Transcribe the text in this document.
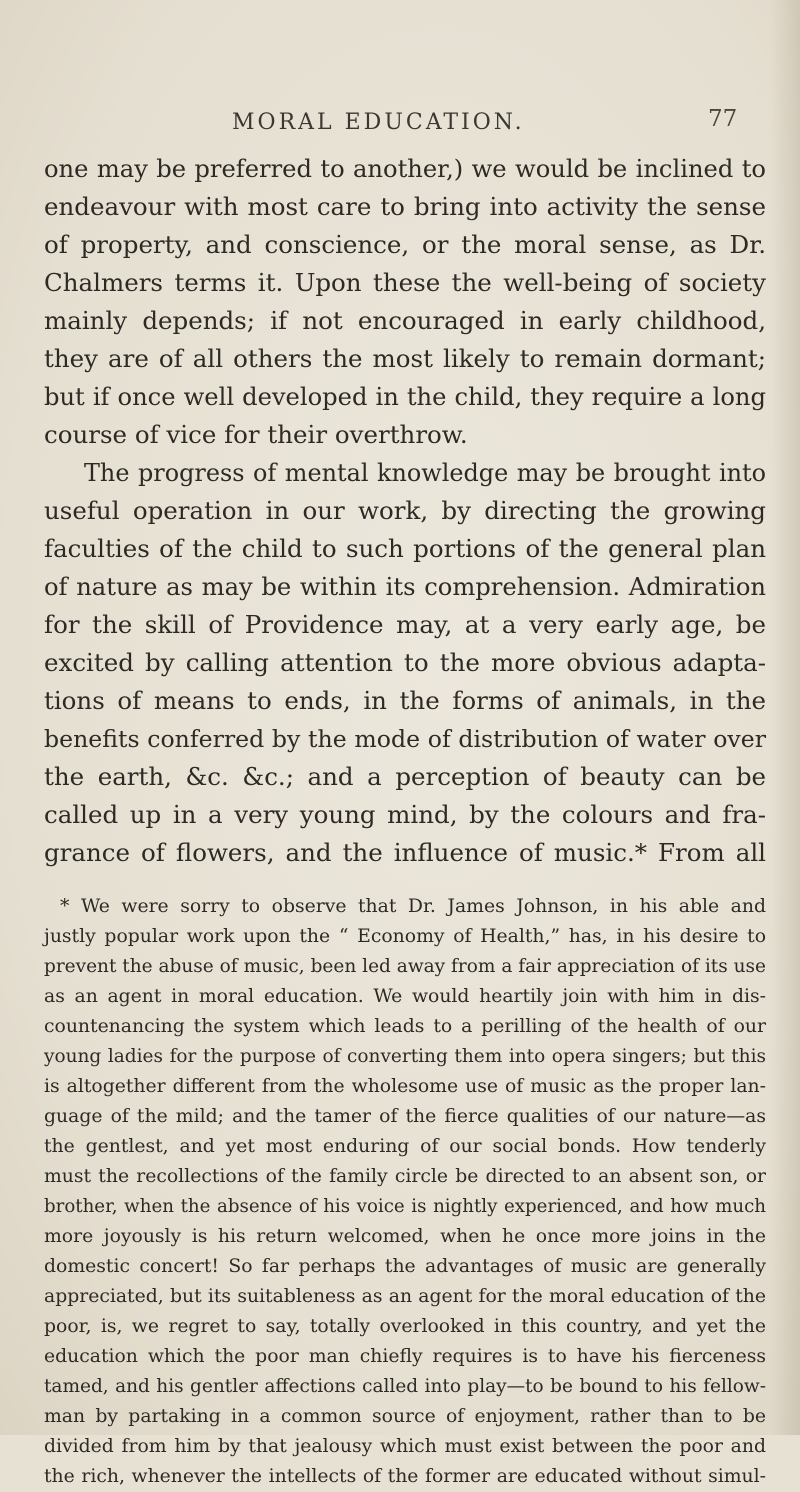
MORAL EDUCATION.	77
one may be preferred to another,) we would be inclined to
endeavour with most care to bring into activity the sense
of property, and conscience, or the moral sense, as Dr.
Chalmers terms it. Upon these the well-being of society
mainly depends; if not encouraged in early childhood,
they are of all others the most likely to remain dormant;
but if once well developed in the child, they require a long
course of vice for their overthrow.
The progress of mental knowledge may be brought into
useful operation in our work, by directing the growing
faculties of the child to such portions of the general plan
of nature as may be within its comprehension. Admiration
for the skill of Providence may, at a very early age, be
excited by calling attention to the more obvious adapta-
tions of means to ends, in the forms of animals, in the
benefits conferred by the mode of distribution of water over
the earth, &c. &c.; and a perception of beauty can be
called up in a very young mind, by the colours and fra-
grance of flowers, and the influence of music.* From all
* We were sorry to observe that Dr. James Johnson, in his able and
justly popular work upon the “ Economy of Health,” has, in his desire to
prevent the abuse of music, been led away from a fair appreciation of its use
as an agent in moral education. We would heartily join with him in dis-
countenancing the system which leads to a perilling of the health of our
young ladies for the purpose of converting them into opera singers; but this
is altogether different from the wholesome use of music as the proper lan-
guage of the mild; and the tamer of the fierce qualities of our nature—as
the gentlest, and yet most enduring of our social bonds. How tenderly
must the recollections of the family circle be directed to an absent son, or
brother, when the absence of his voice is nightly experienced, and how much
more joyously is his return welcomed, when he once more joins in the
domestic concert! So far perhaps the advantages of music are generally
appreciated, but its suitableness as an agent for the moral education of the
poor, is, we regret to say, totally overlooked in this country, and yet the
education which the poor man chiefly requires is to have his fierceness
tamed, and his gentler affections called into play—to be bound to his fellow-
man by partaking in a common source of enjoyment, rather than to be
divided from him by that jealousy which must exist between the poor and
the rich, whenever the intellects of the former are educated without simul-
